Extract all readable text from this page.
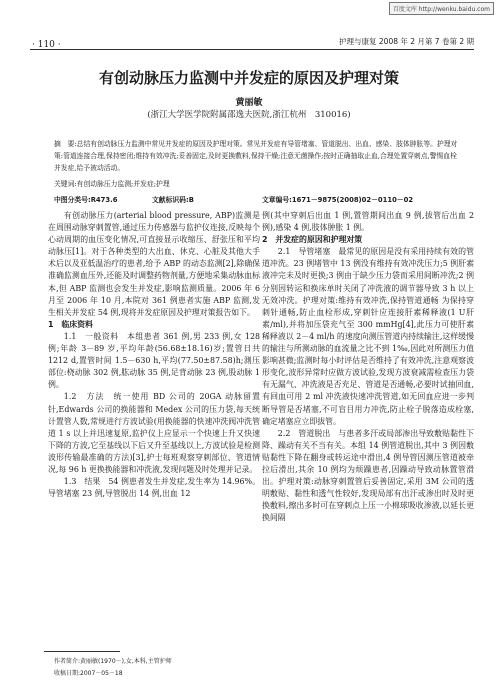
百度文库 http://wenku.baidu.com
· 110 ·	护理与康复 2008 年 2 月第 7 卷第 2 期
有创动脉压力监测中并发症的原因及护理对策
黄丽敏
(浙江大学医学院附属邵逸夫医院,浙江杭州　310016)
摘　要:总结有创动脉压力监测中常见并发症的原因及护理对策。常见并发症有导管堵塞、管道脱出、出血、感染、肢体肿胀等。护理对策:管道连接合理,保持密闭;维持有效冲洗;妥善固定,及时更换敷料,保持干燥;注意无菌操作;按时正确抽取止血,合理处置穿刺点,警惕血栓并发症,给予被动活动。
关键词:有创动脉压力监测;并发症;护理
中图分类号:R473.6	文献标识码:B	文章编号:1671－9875(2008)02－0110－02

有创动脉压力(arterial blood pressure, ABP)监测是在周围动脉穿刺置管,通过压力传感器与监护仪连接,反映每个心动周期的血压变化情况,可直接显示收缩压、舒张压和平均动脉压[1]。对于各种类型的大出血、休克、心脏及其他大手术后以及亚低温治疗的患者,给予 ABP 的动态监测[2],除确保准确监测血压外,还能及时调整药物剂量,方便地采集动脉血标本,但 ABP 监测也会发生并发症,影响监测质量。2006 年 6 月至 2006 年 10 月,本院对 361 例患者实施 ABP 监测,发生相关并发症 54 例,现将并发症原因及护理对策报告如下。

1　临床资料

1.1　一般资料　本组患者 361 例,男 233 例,女 128 例;年龄 3－89 岁,平均年龄(56.68±18.16)岁;置管日共 1212 d,置管时间 1.5－630 h,平均(77.50±87.58)h;測压部位:桡动脉 302 例,肱动脉 35 例,足背动脉 23 例,股动脉 1 例。

1.2　方法　统一使用 BD 公司的 20GA 动脉留置针,Edwards 公司的换能器和 Medex 公司的压力袋,每天统计置管人数,常规进行方波试验(用换能器的快速冲洗阀冲洗管道 1 s 以上并迅速复原,监护仪上应显示一个快速上升又快速下降的方波,它至基线以下后又升至基线以上,方波试验是检测波形传输最准确的方法)[3],护士每班观察穿刺部位、管道情况,每 96 h 更换换能器和冲洗液,发现问题及时处理并记录。

1.3　结果　54 例患者发生并发症,发生率为 14.96%。导管堵塞 23 例,导管脱出 14 例,出血 12

例(其中穿刺后出血 1 例,置管期间出血 9 例,拔管后出血 2 例),感染 4 例,肢体肿胀 1 例。

2　并发症的原因和护理对策

2.1　导管堵塞　最常见的原因是没有采用持续有效的管道冲洗。23 例堵管中 13 例没有维持有效冲洗压力;5 例肝素液冲完未及时更换;3 例由于缺少压力袋而采用间断冲洗;2 例分别因转运和换床单时关闭了冲洗液的调节器导致 3 h 以上无效冲洗。护理对策:维持有效冲洗,保持管道通畅 为保持穿刺针通畅,防止血栓形成,穿刺针应连接肝素稀释液(1 U肝素/ml),并将加压袋充气至 300 mmHg[4],此压力可使肝素稀释液以 2－4 ml/h 的速度向测压管道内持续输注,这样缓慢的输注与所测动脉的血流量之比不到 1‰,因此对所测压力值影响甚微;监测时每小时评估是否维持了有效冲洗,注意观察波形变化,波形异常时应做方波试验,发现方波衰减需检查压力袋有无漏气、冲洗液是否充足、管道是否通畅,必要时试抽回血,有回血可用 2 ml 冲洗液快速冲洗管道,如无回血应进一步判断导管是否堵塞,不可盲目用力冲洗,防止栓子脱落造成栓塞,确定堵塞应立即拔管。

2.2　管道脱出　与患者多汗或局部渗出导致敷贴黏性下降、躁动有关不当有关。本组 14 例管道脱出,其中 3 例因敷贴黏性下降在翻身或转运途中滑出,4 例导管因测压管道被牵拉后滑出,其余 10 例均为烦躁患者,因躁动导致动脉置管滑出。护理对策:动脉穿刺置管后妥善固定,采用 3M 公司的透明敷贴、黏性和透气性较好,发现局部有出汗或渗出时及时更换敷料,擦出多时可在穿刺点上压一小棉球吸收渗液,以延长更换间隔

作者简介:黄丽敏(1970－),女,本科,主管护师
收稿日期:2007－05－18
